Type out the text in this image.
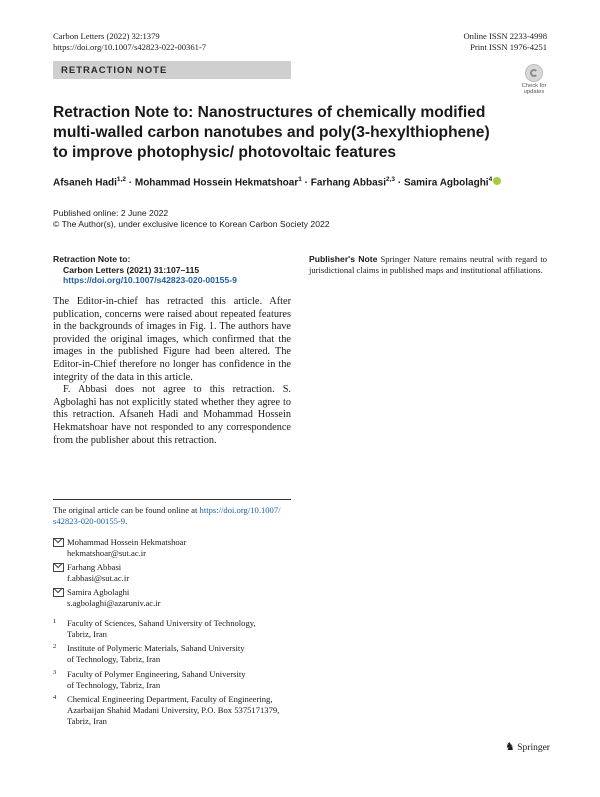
Carbon Letters (2022) 32:1379
https://doi.org/10.1007/s42823-022-00361-7
Online ISSN 2233-4998
Print ISSN 1976-4251
RETRACTION NOTE
Check for
updates
Retraction Note to: Nanostructures of chemically modified
multi-walled carbon nanotubes and poly(3-hexylthiophene)
to improve photophysic/ photovoltaic features
Afsaneh Hadi$^{1,2}$ · Mohammad Hossein Hekmatshoar$^1$ · Farhang Abbasi$^{2,3}$ · Samira Agbolaghi$^4$
Published online: 2 June 2022
© The Author(s), under exclusive licence to Korean Carbon Society 2022
Retraction Note to:
Carbon Letters (2021) 31:107–115
https://doi.org/10.1007/s42823-020-00155-9

The Editor-in-chief has retracted this article. After publication, concerns were raised about repeated features in the backgrounds of images in Fig. 1. The authors have provided the original images, which confirmed that the images in the published Figure had been altered. The Editor-in-Chief therefore no longer has confidence in the integrity of the data in this article.

F. Abbasi does not agree to this retraction. S. Agbolaghi has not explicitly stated whether they agree to this retraction. Afsaneh Hadi and Mohammad Hossein Hekmatshoar have not responded to any correspondence from the publisher about this retraction.

Publisher's Note Springer Nature remains neutral with regard to jurisdictional claims in published maps and institutional affiliations.
The original article can be found online at https://doi.org/10.1007/
s42823-020-00155-9.
Mohammad Hossein Hekmatshoar
hekmatshoar@sut.ac.ir
Farhang Abbasi
f.abbasi@sut.ac.ir
Samira Agbolaghi
s.agbolaghi@azaruniv.ac.ir
1 Faculty of Sciences, Sahand University of Technology,
Tabriz, Iran
2 Institute of Polymeric Materials, Sahand University
of Technology, Tabriz, Iran
3 Faculty of Polymer Engineering, Sahand University
of Technology, Tabriz, Iran
4 Chemical Engineering Department, Faculty of Engineering,
Azarbaijan Shahid Madani University, P.O. Box 5375171379,
Tabriz, Iran
♞ Springer
